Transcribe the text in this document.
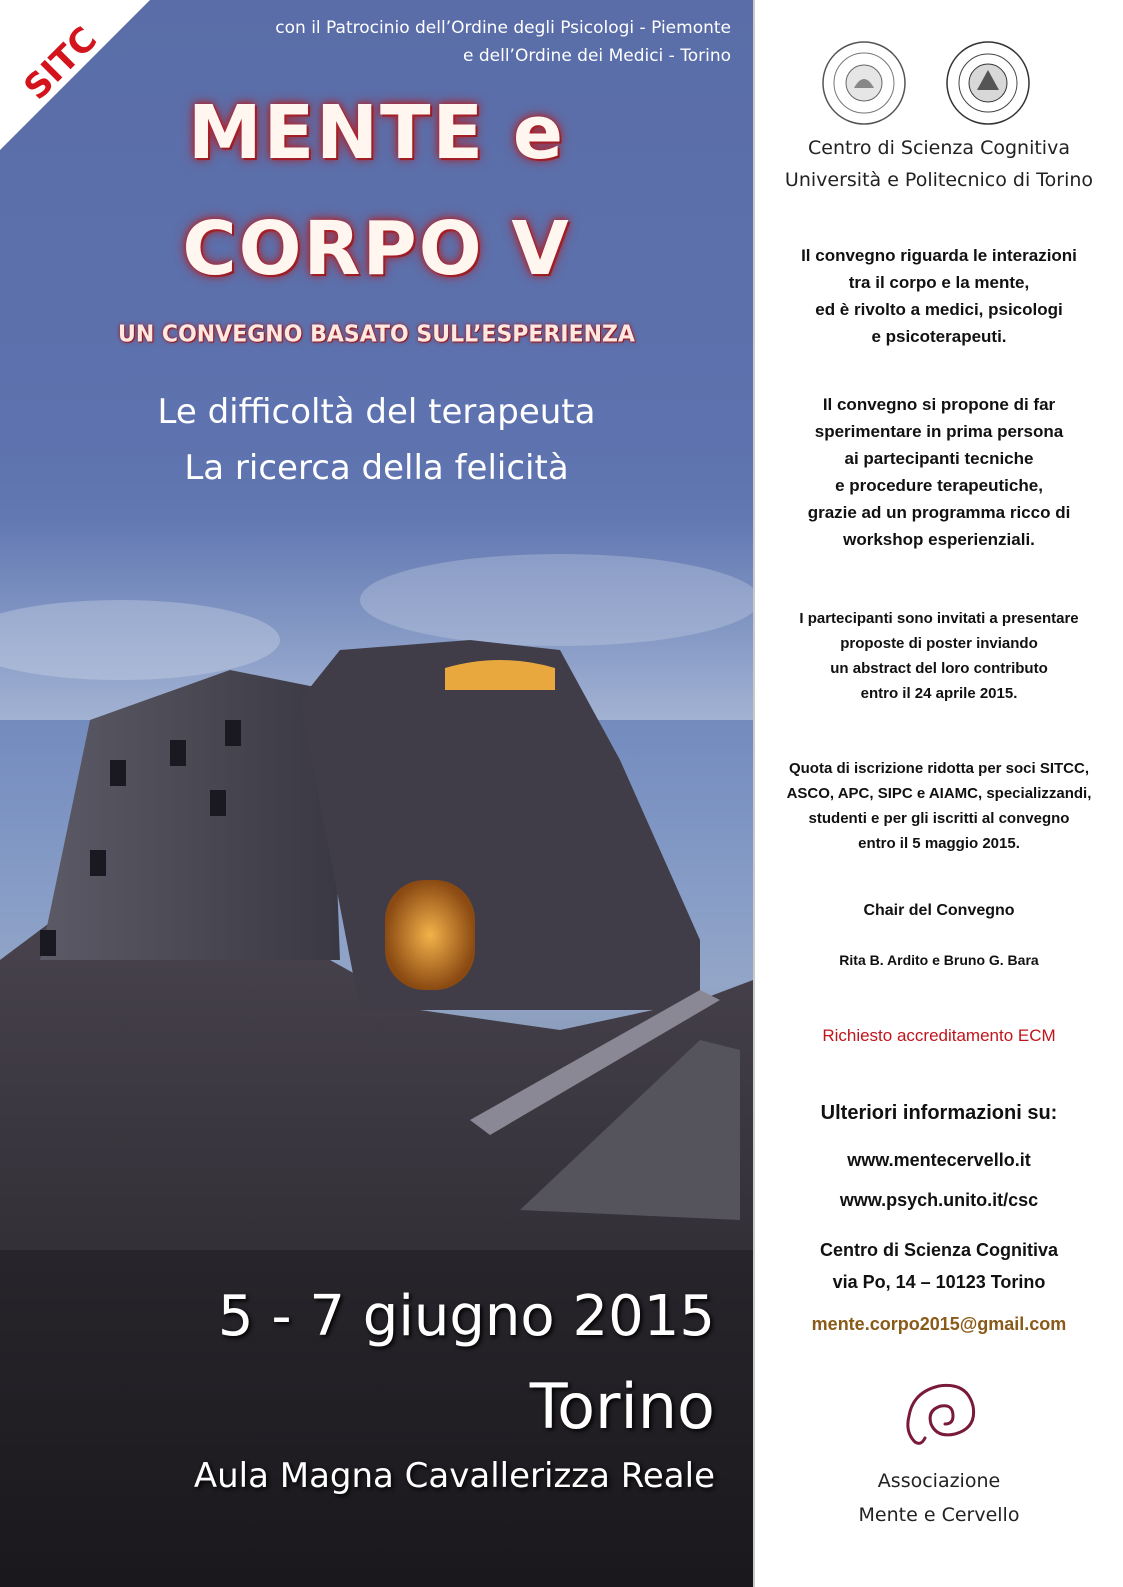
SITC	con il Patrocinio dell’Ordine degli Psicologi - Piemonte
e dell’Ordine dei Medici - Torino
MENTE e
CORPO V
UN CONVEGNO BASATO SULL’ESPERIENZA
Le difficoltà del terapeuta
La ricerca della felicità
5 - 7 giugno 2015
Torino
Aula Magna Cavallerizza Reale
Centro di Scienza Cognitiva
Università e Politecnico di Torino
Il convegno riguarda le interazioni
tra il corpo e la mente,
ed è rivolto a medici, psicologi
e psicoterapeuti.
Il convegno si propone di far
sperimentare in prima persona
ai partecipanti tecniche
e procedure terapeutiche,
grazie ad un programma ricco di
workshop esperienziali.
I partecipanti sono invitati a presentare
proposte di poster inviando
un abstract del loro contributo
entro il 24 aprile 2015.
Quota di iscrizione ridotta per soci SITCC,
ASCO, APC, SIPC e AIAMC, specializzandi,
studenti e per gli iscritti al convegno
entro il 5 maggio 2015.
Chair del Convegno
Rita B. Ardito e Bruno G. Bara
Richiesto accreditamento ECM
Ulteriori informazioni su:
www.mentecervello.it
www.psych.unito.it/csc
Centro di Scienza Cognitiva
via Po, 14 – 10123 Torino
mente.corpo2015@gmail.com
Associazione
Mente e Cervello
